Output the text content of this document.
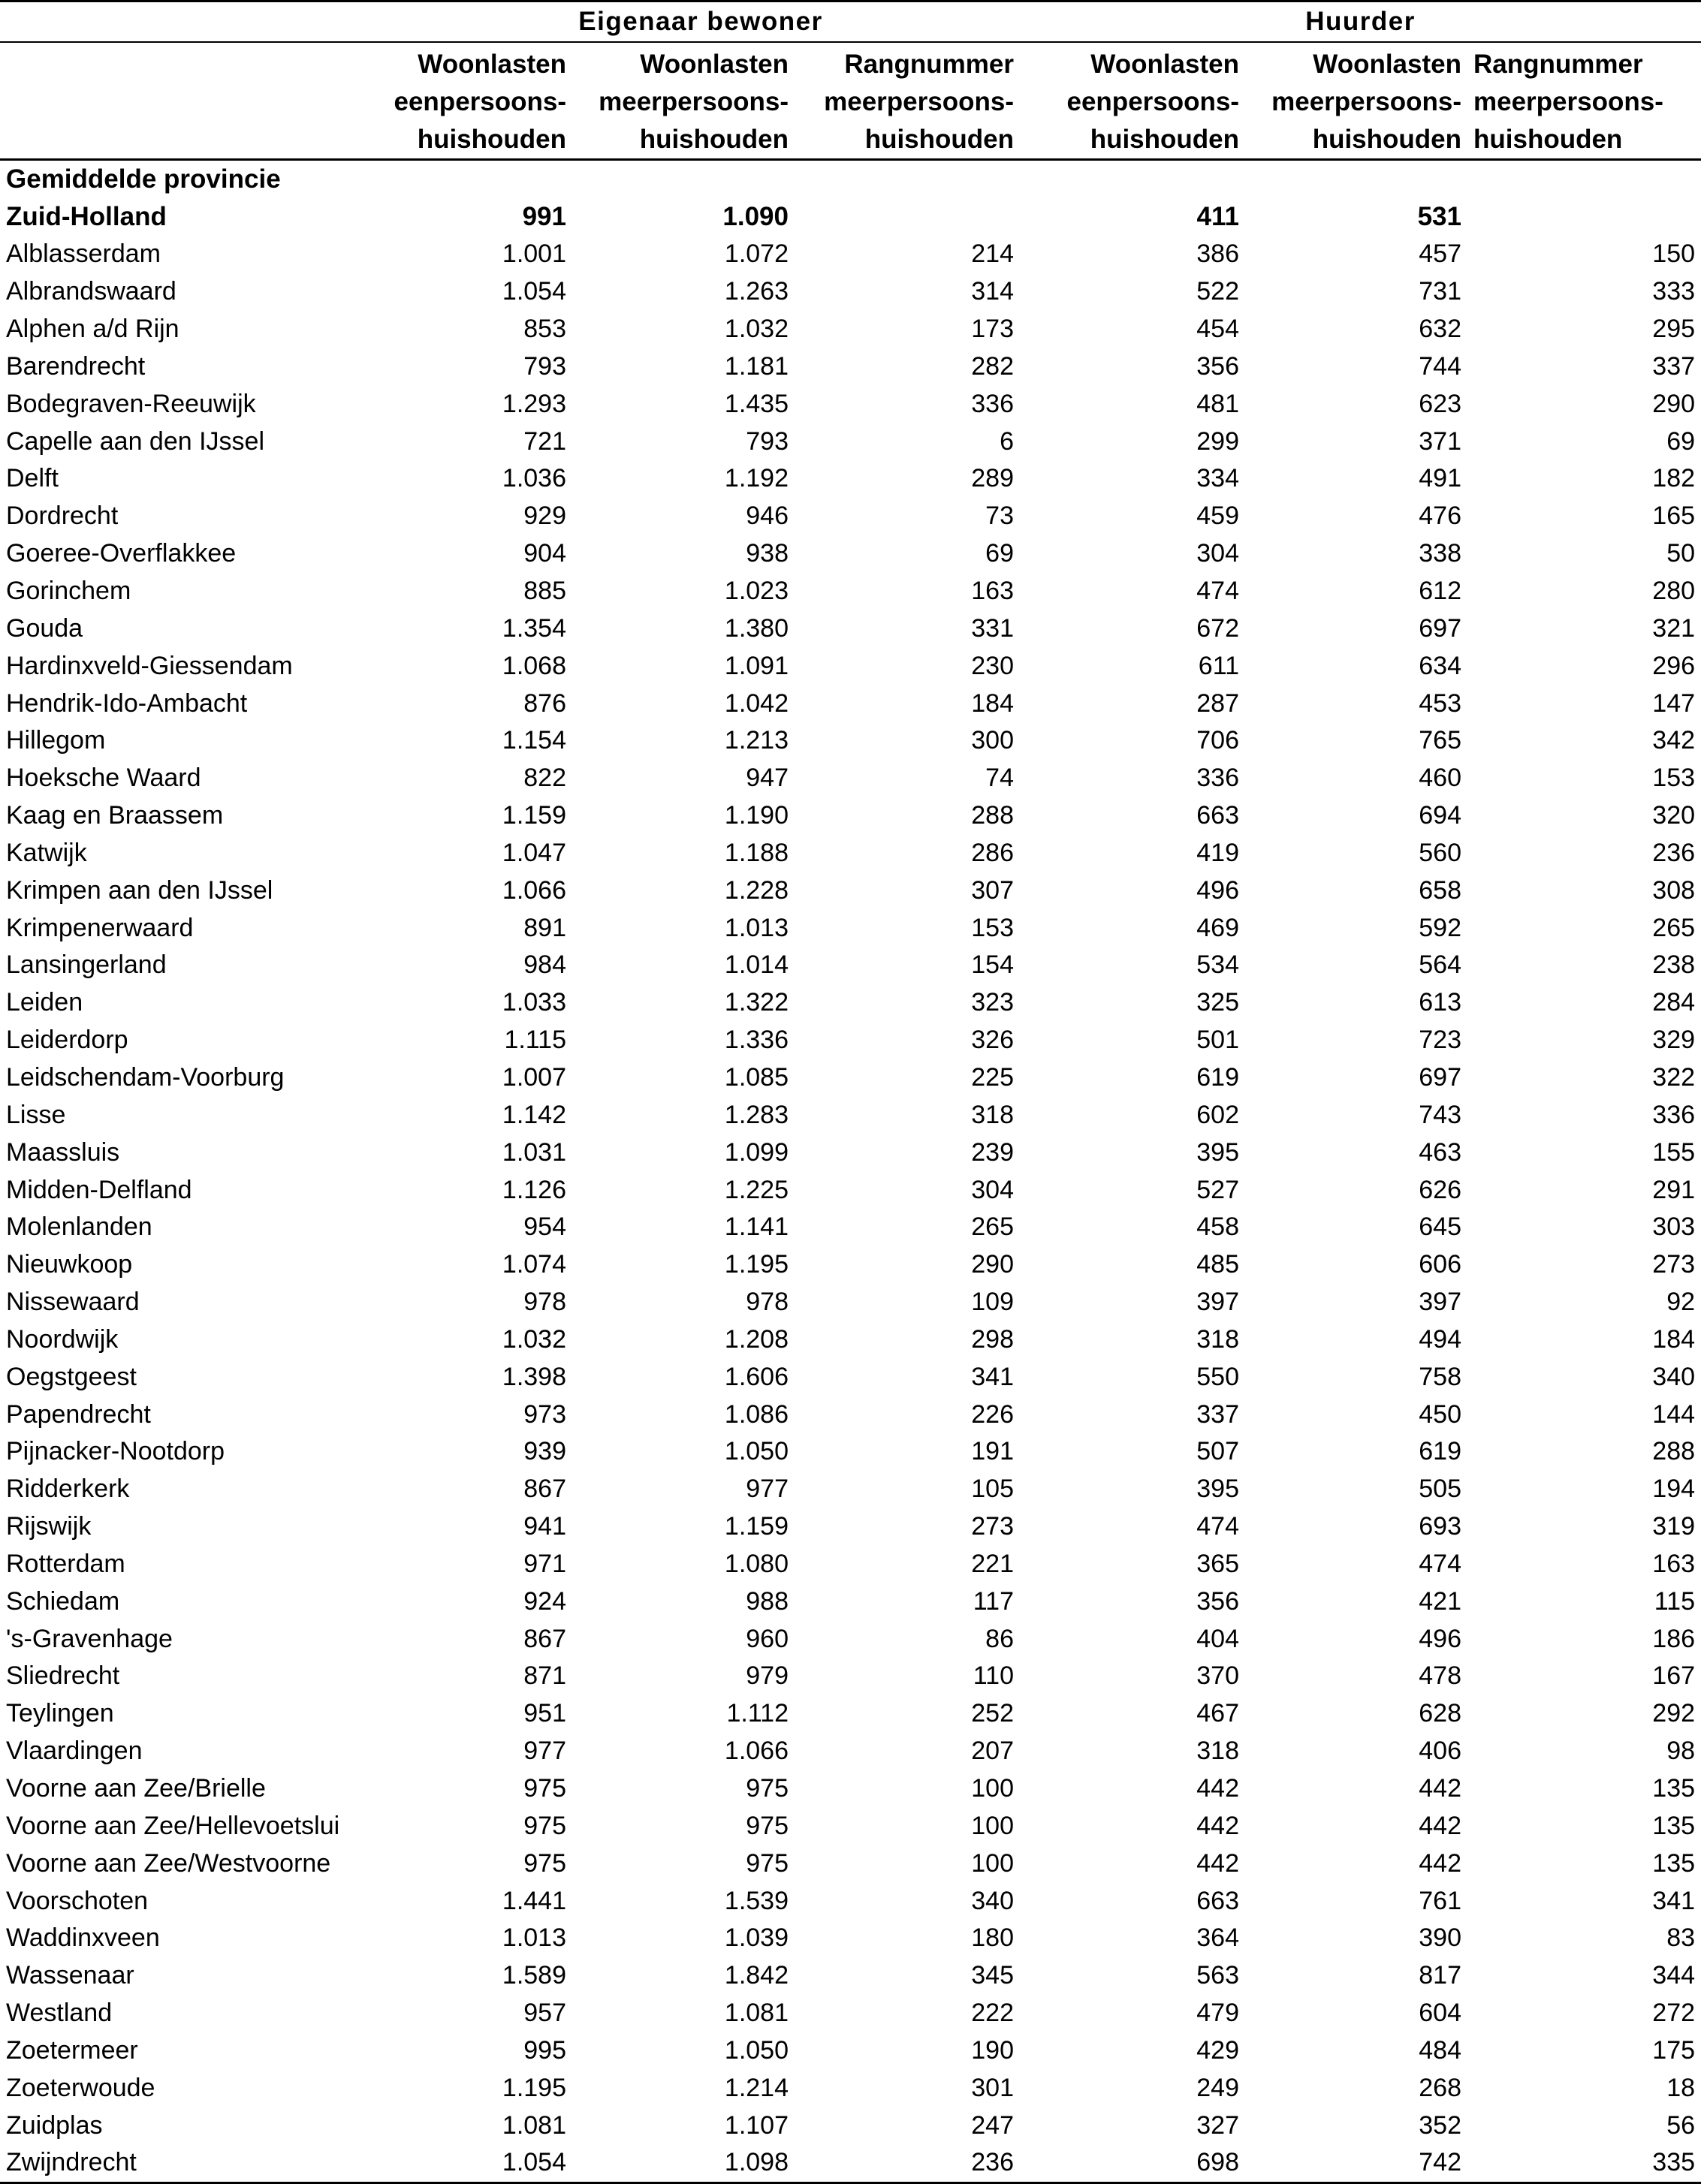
	Eigenaar bewoner			Huurder		

	Woonlasten
eenpersoons-
huishouden	Woonlasten
meerpersoons-
huishouden	Rangnummer
meerpersoons-
huishouden	Woonlasten
eenpersoons-
huishouden	Woonlasten
meerpersoons-
huishouden	Rangnummer
meerpersoons-
huishouden

Gemiddelde provincie						
Zuid-Holland	991	1.090		411	531	
Alblasserdam	1.001	1.072	214	386	457	150
Albrandswaard	1.054	1.263	314	522	731	333
Alphen a/d Rijn	853	1.032	173	454	632	295
Barendrecht	793	1.181	282	356	744	337
Bodegraven-Reeuwijk	1.293	1.435	336	481	623	290
Capelle aan den IJssel	721	793	6	299	371	69
Delft	1.036	1.192	289	334	491	182
Dordrecht	929	946	73	459	476	165
Goeree-Overflakkee	904	938	69	304	338	50
Gorinchem	885	1.023	163	474	612	280
Gouda	1.354	1.380	331	672	697	321
Hardinxveld-Giessendam	1.068	1.091	230	611	634	296
Hendrik-Ido-Ambacht	876	1.042	184	287	453	147
Hillegom	1.154	1.213	300	706	765	342
Hoeksche Waard	822	947	74	336	460	153
Kaag en Braassem	1.159	1.190	288	663	694	320
Katwijk	1.047	1.188	286	419	560	236
Krimpen aan den IJssel	1.066	1.228	307	496	658	308
Krimpenerwaard	891	1.013	153	469	592	265
Lansingerland	984	1.014	154	534	564	238
Leiden	1.033	1.322	323	325	613	284
Leiderdorp	1.115	1.336	326	501	723	329
Leidschendam-Voorburg	1.007	1.085	225	619	697	322
Lisse	1.142	1.283	318	602	743	336
Maassluis	1.031	1.099	239	395	463	155
Midden-Delfland	1.126	1.225	304	527	626	291
Molenlanden	954	1.141	265	458	645	303
Nieuwkoop	1.074	1.195	290	485	606	273
Nissewaard	978	978	109	397	397	92
Noordwijk	1.032	1.208	298	318	494	184
Oegstgeest	1.398	1.606	341	550	758	340
Papendrecht	973	1.086	226	337	450	144
Pijnacker-Nootdorp	939	1.050	191	507	619	288
Ridderkerk	867	977	105	395	505	194
Rijswijk	941	1.159	273	474	693	319
Rotterdam	971	1.080	221	365	474	163
Schiedam	924	988	117	356	421	115
's-Gravenhage	867	960	86	404	496	186
Sliedrecht	871	979	110	370	478	167
Teylingen	951	1.112	252	467	628	292
Vlaardingen	977	1.066	207	318	406	98
Voorne aan Zee/Brielle	975	975	100	442	442	135
Voorne aan Zee/Hellevoetslui	975	975	100	442	442	135
Voorne aan Zee/Westvoorne	975	975	100	442	442	135
Voorschoten	1.441	1.539	340	663	761	341
Waddinxveen	1.013	1.039	180	364	390	83
Wassenaar	1.589	1.842	345	563	817	344
Westland	957	1.081	222	479	604	272
Zoetermeer	995	1.050	190	429	484	175
Zoeterwoude	1.195	1.214	301	249	268	18
Zuidplas	1.081	1.107	247	327	352	56
Zwijndrecht	1.054	1.098	236	698	742	335
